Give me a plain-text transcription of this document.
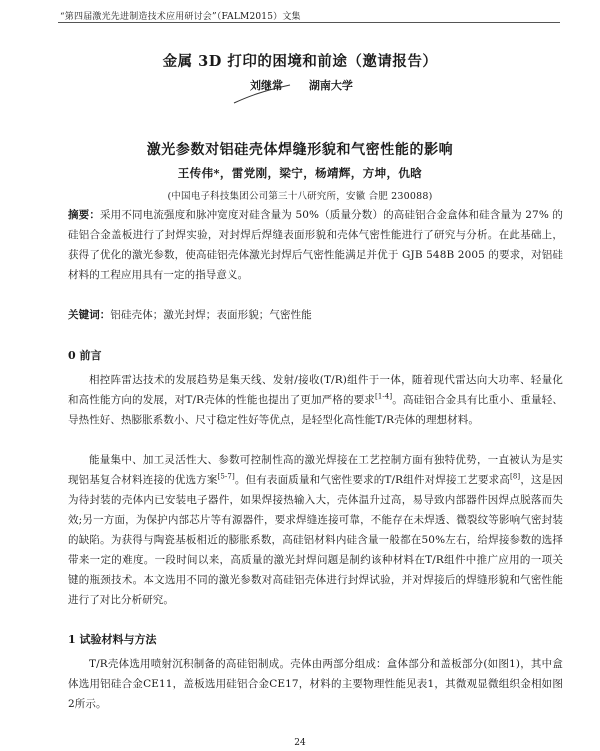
“第四届激光先进制造技术应用研讨会”（FALM2015）文集
金属 3D 打印的困境和前途（邀请报告）
刘继常 湖南大学
激光参数对铝硅壳体焊缝形貌和气密性能的影响
王传伟*，雷党刚，梁宁，杨靖辉，方坤，仇晗
(中国电子科技集团公司第三十八研究所，安徽 合肥 230088)
摘要：采用不同电流强度和脉冲宽度对硅含量为 50%（质量分数）的高硅铝合金盒体和硅含量为 27% 的硅铝合金盖板进行了封焊实验，对封焊后焊缝表面形貌和壳体气密性能进行了研究与分析。在此基础上，获得了优化的激光参数，使高硅铝壳体激光封焊后气密性能满足并优于 GJB 548B 2005 的要求，对铝硅材料的工程应用具有一定的指导意义。
关键词：铝硅壳体；激光封焊；表面形貌；气密性能
0 前言
相控阵雷达技术的发展趋势是集天线、发射/接收(T/R)组件于一体，随着现代雷达向大功率、轻量化和高性能方向的发展，对T/R壳体的性能也提出了更加严格的要求[1-4]。高硅铝合金具有比重小、重量轻、导热性好、热膨胀系数小、尺寸稳定性好等优点，是轻型化高性能T/R壳体的理想材料。
能量集中、加工灵活性大、参数可控制性高的激光焊接在工艺控制方面有独特优势，一直被认为是实现铝基复合材料连接的优选方案[5-7]。但有表面质量和气密性要求的T/R组件对焊接工艺要求高[8]，这是因为待封装的壳体内已安装电子器件，如果焊接热输入大，壳体温升过高，易导致内部器件因焊点脱落而失效;另一方面，为保护内部芯片等有源器件，要求焊缝连接可靠，不能存在未焊透、微裂纹等影响气密封装的缺陷。为获得与陶瓷基板相近的膨胀系数，高硅铝材料内硅含量一般都在50%左右，给焊接参数的选择带来一定的难度。一段时间以来，高质量的激光封焊问题是制约该种材料在T/R组件中推广应用的一项关键的瓶颈技术。本文选用不同的激光参数对高硅铝壳体进行封焊试验，并对焊接后的焊缝形貌和气密性能进行了对比分析研究。
1 试验材料与方法
T/R壳体选用喷射沉积制备的高硅铝制成。壳体由两部分组成：盒体部分和盖板部分(如图1)，其中盒体选用铝硅合金CE11，盖板选用硅铝合金CE17，材料的主要物理性能见表1，其微观显微组织金相如图2所示。
24
